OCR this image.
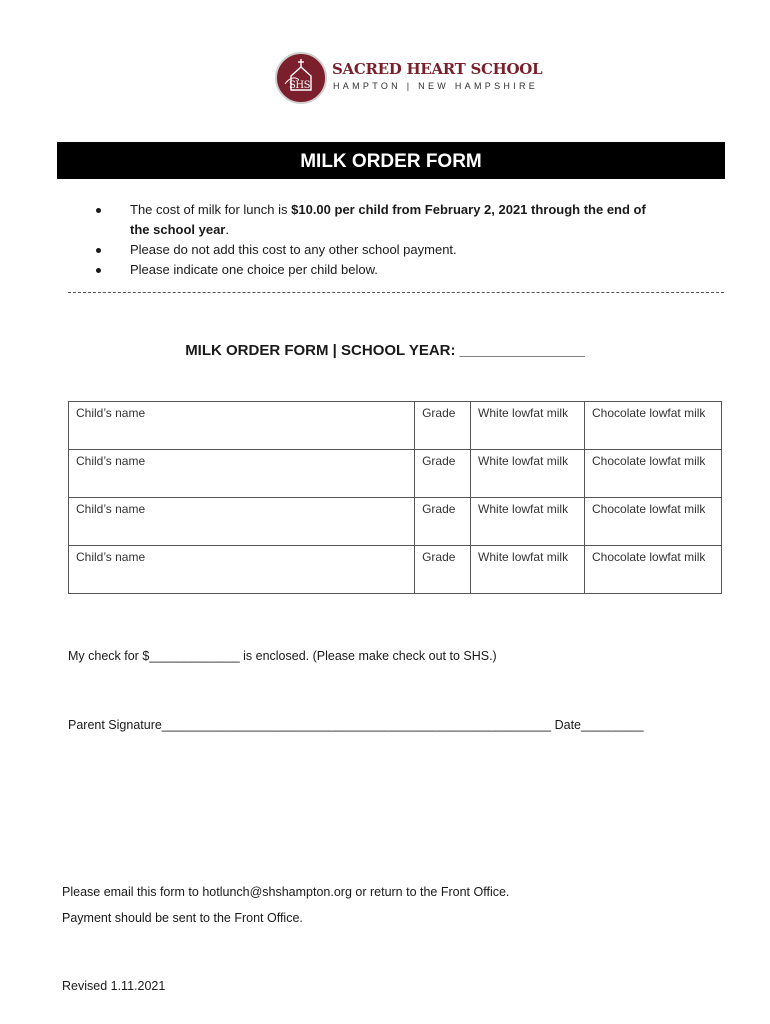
SHS
SACRED HEART SCHOOL
HAMPTON | NEW HAMPSHIRE
MILK ORDER FORM
The cost of milk for lunch is $10.00 per child from February 2, 2021 through the end of
the school year.
Please do not add this cost to any other school payment.
Please indicate one choice per child below.
MILK ORDER FORM | SCHOOL YEAR: _______________
Child’s name	Grade	White lowfat milk	Chocolate lowfat milk
Child’s name	Grade	White lowfat milk	Chocolate lowfat milk
Child’s name	Grade	White lowfat milk	Chocolate lowfat milk
Child’s name	Grade	White lowfat milk	Chocolate lowfat milk
My check for $_____________ is enclosed. (Please make check out to SHS.)
Parent Signature________________________________________________________ Date_________
Please email this form to hotlunch@shshampton.org or return to the Front Office.
Payment should be sent to the Front Office.
Revised 1.11.2021
